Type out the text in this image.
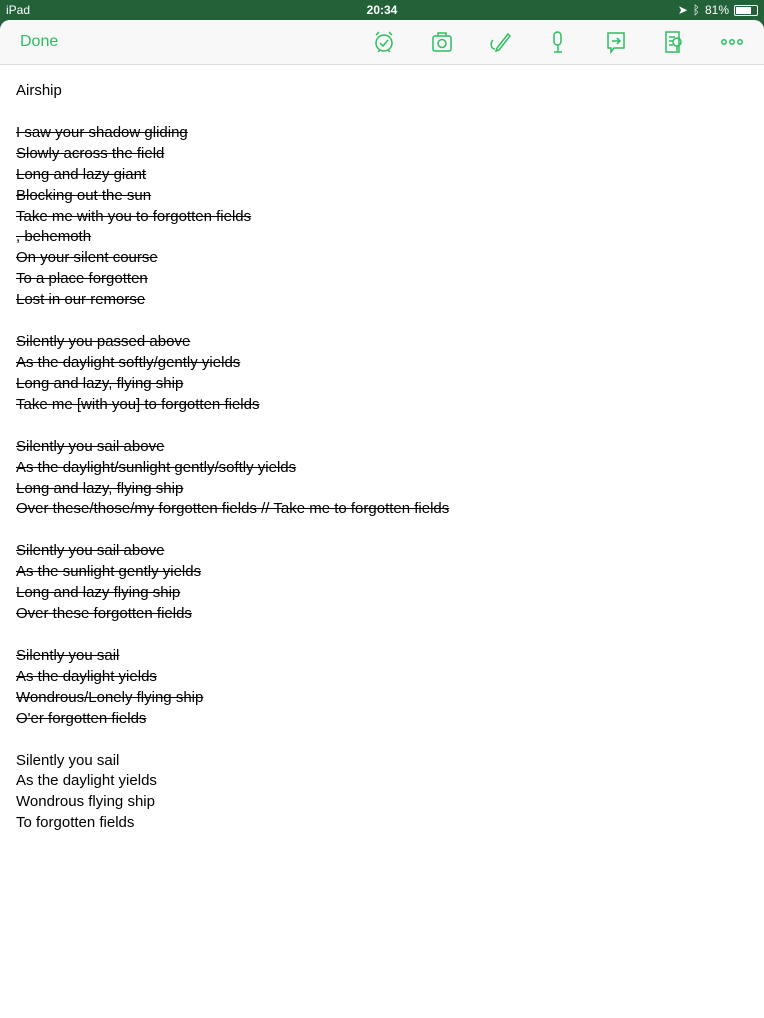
iPad	20:34	➤ ᛒ 81%
Done
Airship
I saw your shadow gliding
Slowly across the field
Long and lazy giant
Blocking out the sun
Take me with you to forgotten fields
, behemoth
On your silent course
To a place forgotten
Lost in our remorse
Silently you passed above
As the daylight softly/gently yields
Long and lazy, flying ship
Take me [with you] to forgotten fields
Silently you sail above
As the daylight/sunlight gently/softly yields
Long and lazy, flying ship
Over these/those/my forgotten fields // Take me to forgotten fields
Silently you sail above
As the sunlight gently yields
Long and lazy flying ship
Over these forgotten fields
Silently you sail
As the daylight yields
Wondrous/Lonely flying ship
O'er forgotten fields
Silently you sail
As the daylight yields
Wondrous flying ship
To forgotten fields
